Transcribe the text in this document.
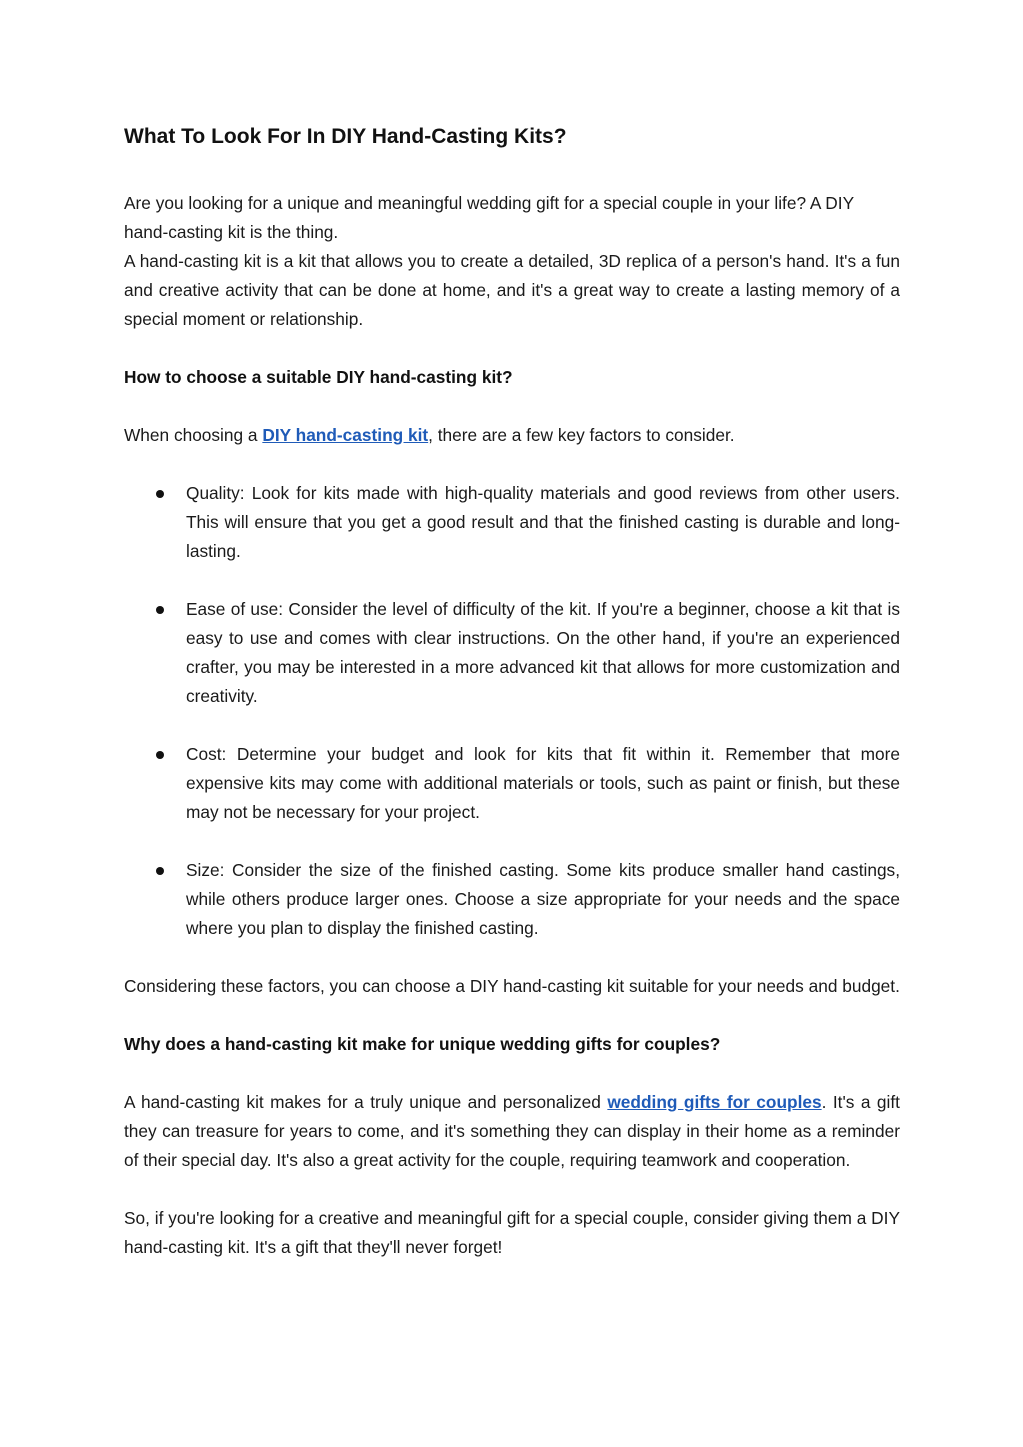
What To Look For In DIY Hand-Casting Kits?

Are you looking for a unique and meaningful wedding gift for a special couple in your life? A DIY hand-casting kit is the thing.

A hand-casting kit is a kit that allows you to create a detailed, 3D replica of a person's hand. It's a fun and creative activity that can be done at home, and it's a great way to create a lasting memory of a special moment or relationship.

How to choose a suitable DIY hand-casting kit?

When choosing a DIY hand-casting kit, there are a few key factors to consider.

Quality: Look for kits made with high-quality materials and good reviews from other users. This will ensure that you get a good result and that the finished casting is durable and long-lasting.
Ease of use: Consider the level of difficulty of the kit. If you're a beginner, choose a kit that is easy to use and comes with clear instructions. On the other hand, if you're an experienced crafter, you may be interested in a more advanced kit that allows for more customization and creativity.
Cost: Determine your budget and look for kits that fit within it. Remember that more expensive kits may come with additional materials or tools, such as paint or finish, but these may not be necessary for your project.
Size: Consider the size of the finished casting. Some kits produce smaller hand castings, while others produce larger ones. Choose a size appropriate for your needs and the space where you plan to display the finished casting.

Considering these factors, you can choose a DIY hand-casting kit suitable for your needs and budget.

Why does a hand-casting kit make for unique wedding gifts for couples?

A hand-casting kit makes for a truly unique and personalized wedding gifts for couples. It's a gift they can treasure for years to come, and it's something they can display in their home as a reminder of their special day. It's also a great activity for the couple, requiring teamwork and cooperation.

So, if you're looking for a creative and meaningful gift for a special couple, consider giving them a DIY hand-casting kit. It's a gift that they'll never forget!
